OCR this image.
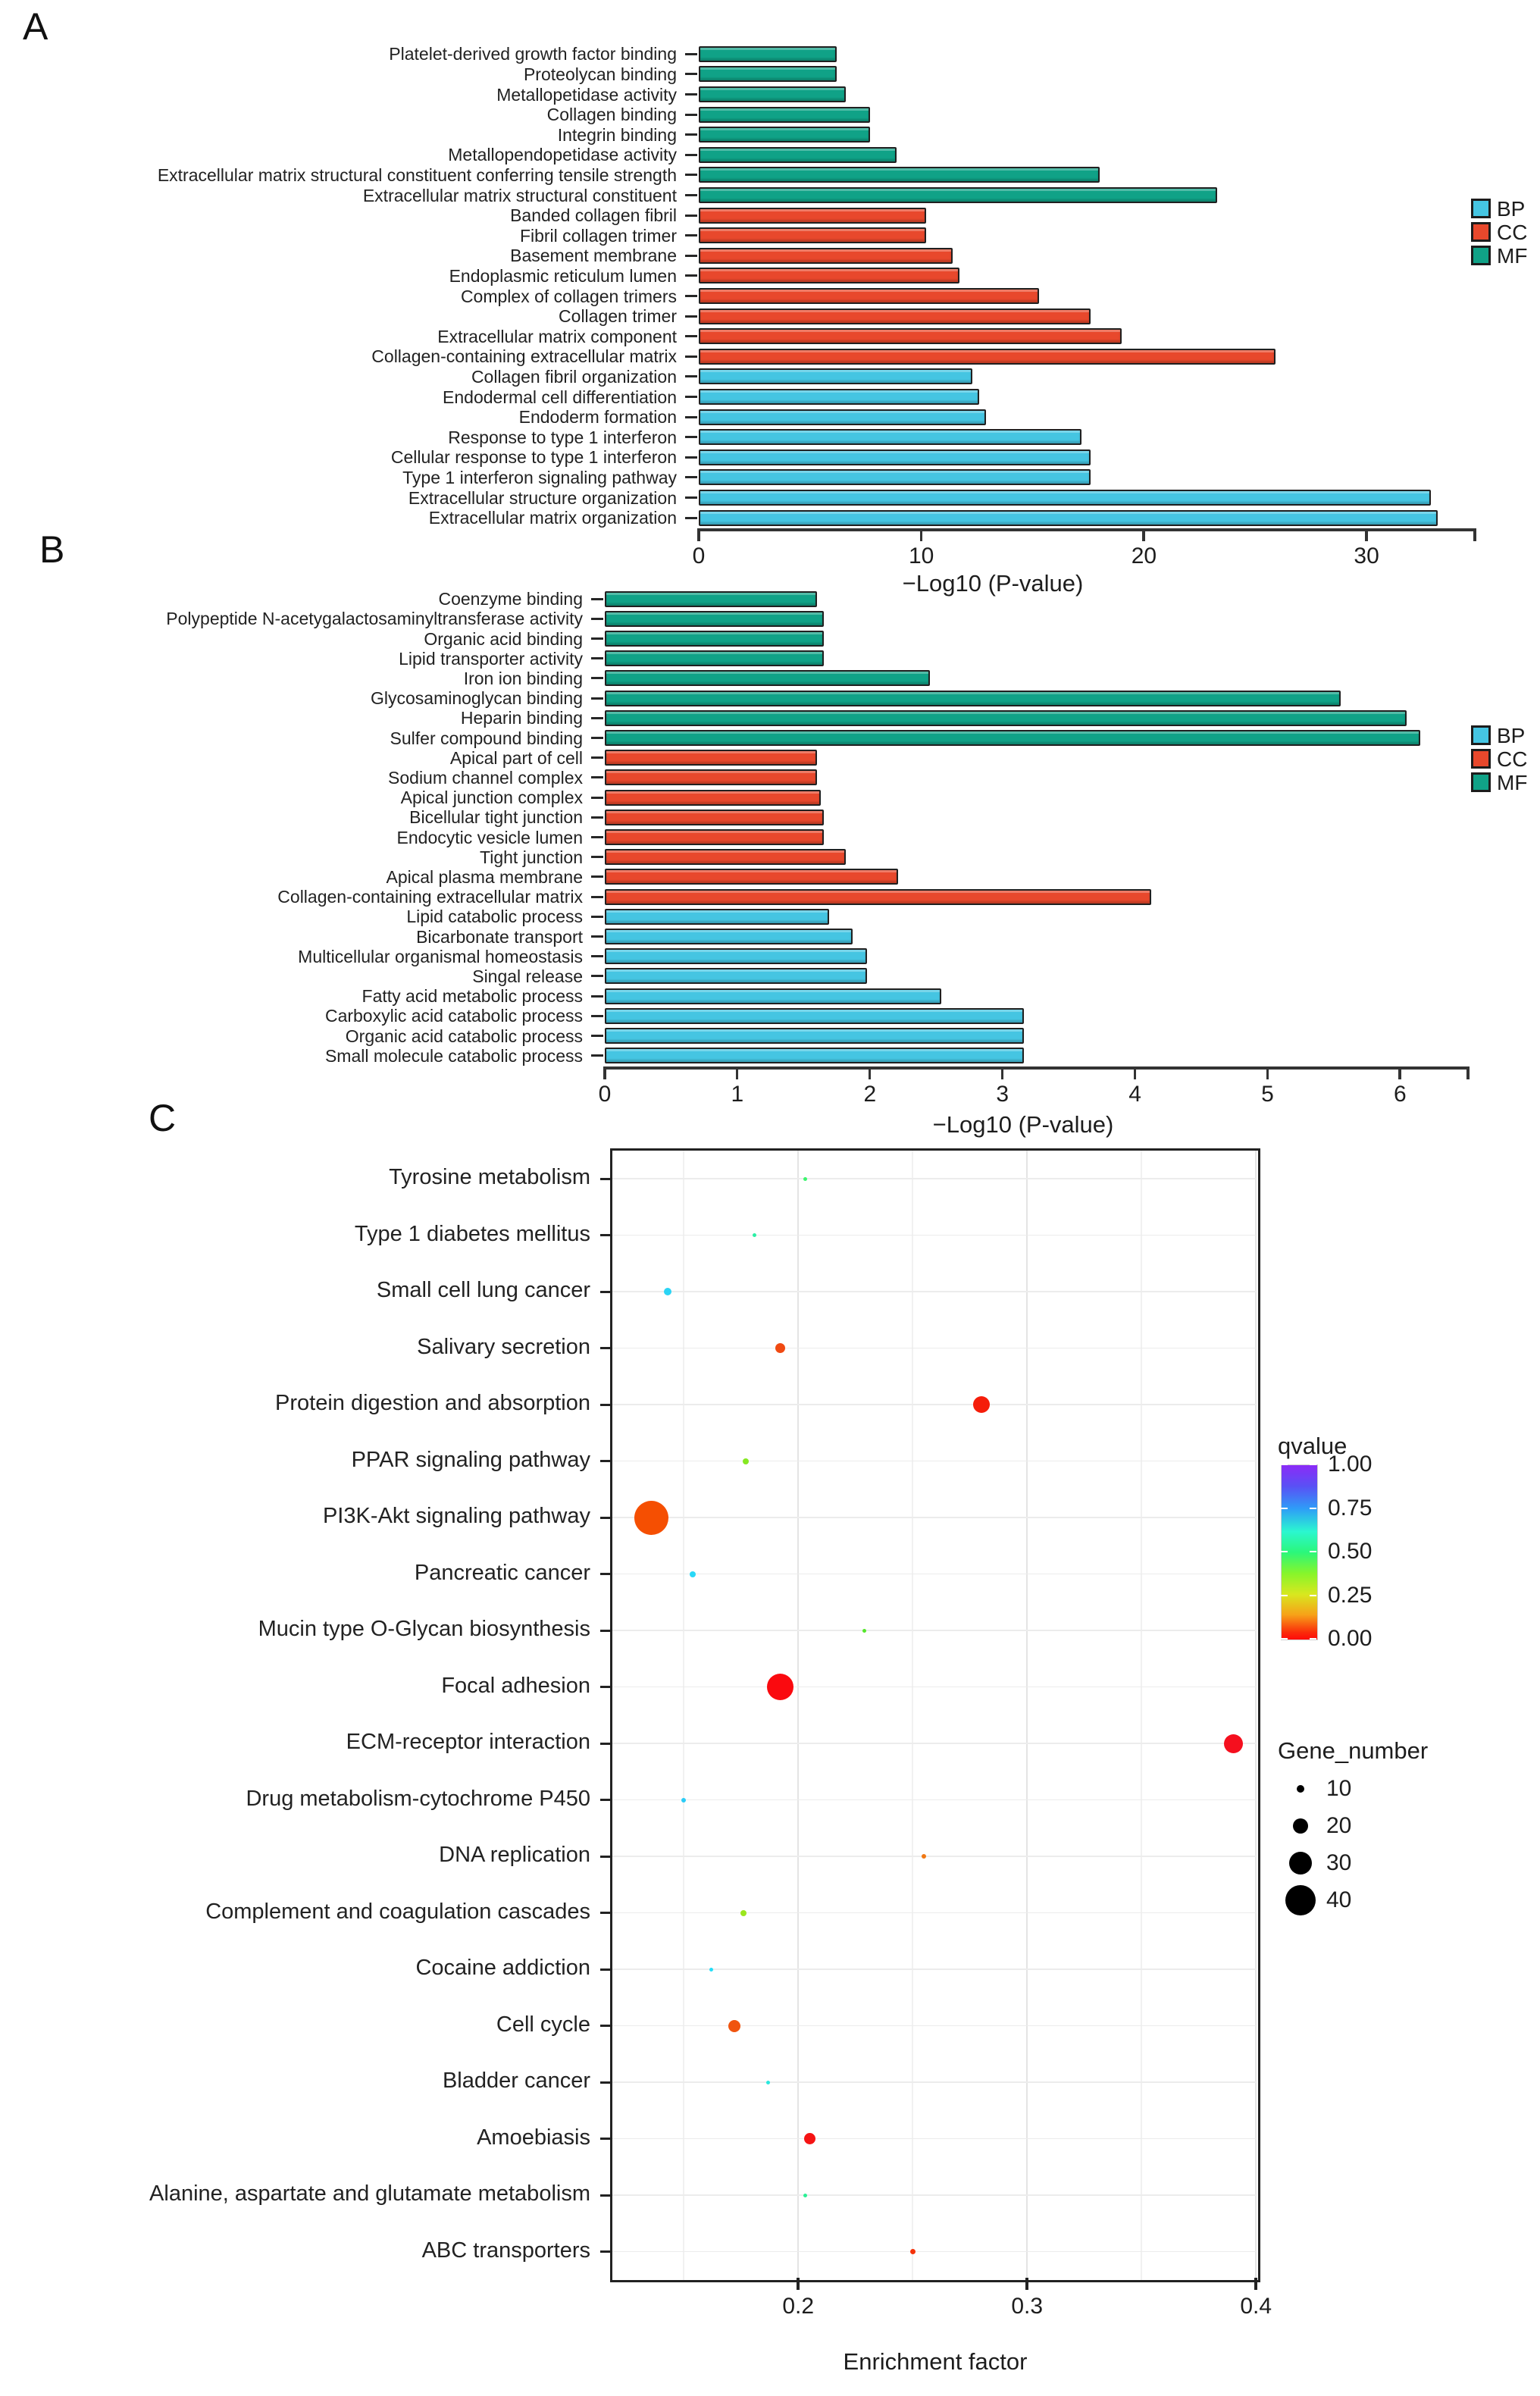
A
B
C
−Log10 (P-value)
−Log10 (P-value)
Enrichment factor
qvalue
Gene_number
Platelet-derived growth factor binding
Proteolycan binding
Metallopetidase activity
Collagen binding
Integrin binding
Metallopendopetidase activity
Extracellular matrix structural constituent conferring tensile strength
Extracellular matrix structural constituent
Banded collagen fibril
Fibril collagen trimer
Basement membrane
Endoplasmic reticulum lumen
Complex of collagen trimers
Collagen trimer
Extracellular matrix component
Collagen-containing extracellular matrix
Collagen fibril organization
Endodermal cell differentiation
Endoderm formation
Response to type 1 interferon
Cellular response to type 1 interferon
Type 1 interferon signaling pathway
Extracellular structure organization
Extracellular matrix organization
0	10	20	30
BP
CC
MF
Coenzyme binding
Polypeptide N-acetygalactosaminyltransferase activity
Organic acid binding
Lipid transporter activity
Iron ion binding
Glycosaminoglycan binding
Heparin binding
Sulfer compound binding
Apical part of cell
Sodium channel complex
Apical junction complex
Bicellular tight junction
Endocytic vesicle lumen
Tight junction
Apical plasma membrane
Collagen-containing extracellular matrix
Lipid catabolic process
Bicarbonate transport
Multicellular organismal homeostasis
Singal release
Fatty acid metabolic process
Carboxylic acid catabolic process
Organic acid catabolic process
Small molecule catabolic process
0	1	2	3	4	5	6
BP
CC
MF
Tyrosine metabolism
Type 1 diabetes mellitus
Small cell lung cancer
Salivary secretion
Protein digestion and absorption
PPAR signaling pathway
PI3K-Akt signaling pathway
Pancreatic cancer
Mucin type O-Glycan biosynthesis
Focal adhesion
ECM-receptor interaction
Drug metabolism-cytochrome P450
DNA replication
Complement and coagulation cascades
Cocaine addiction
Cell cycle
Bladder cancer
Amoebiasis
Alanine, aspartate and glutamate metabolism
ABC transporters
0.2	0.3	0.4
1.00
0.75
0.50
0.25
0.00
10
20
30
40
